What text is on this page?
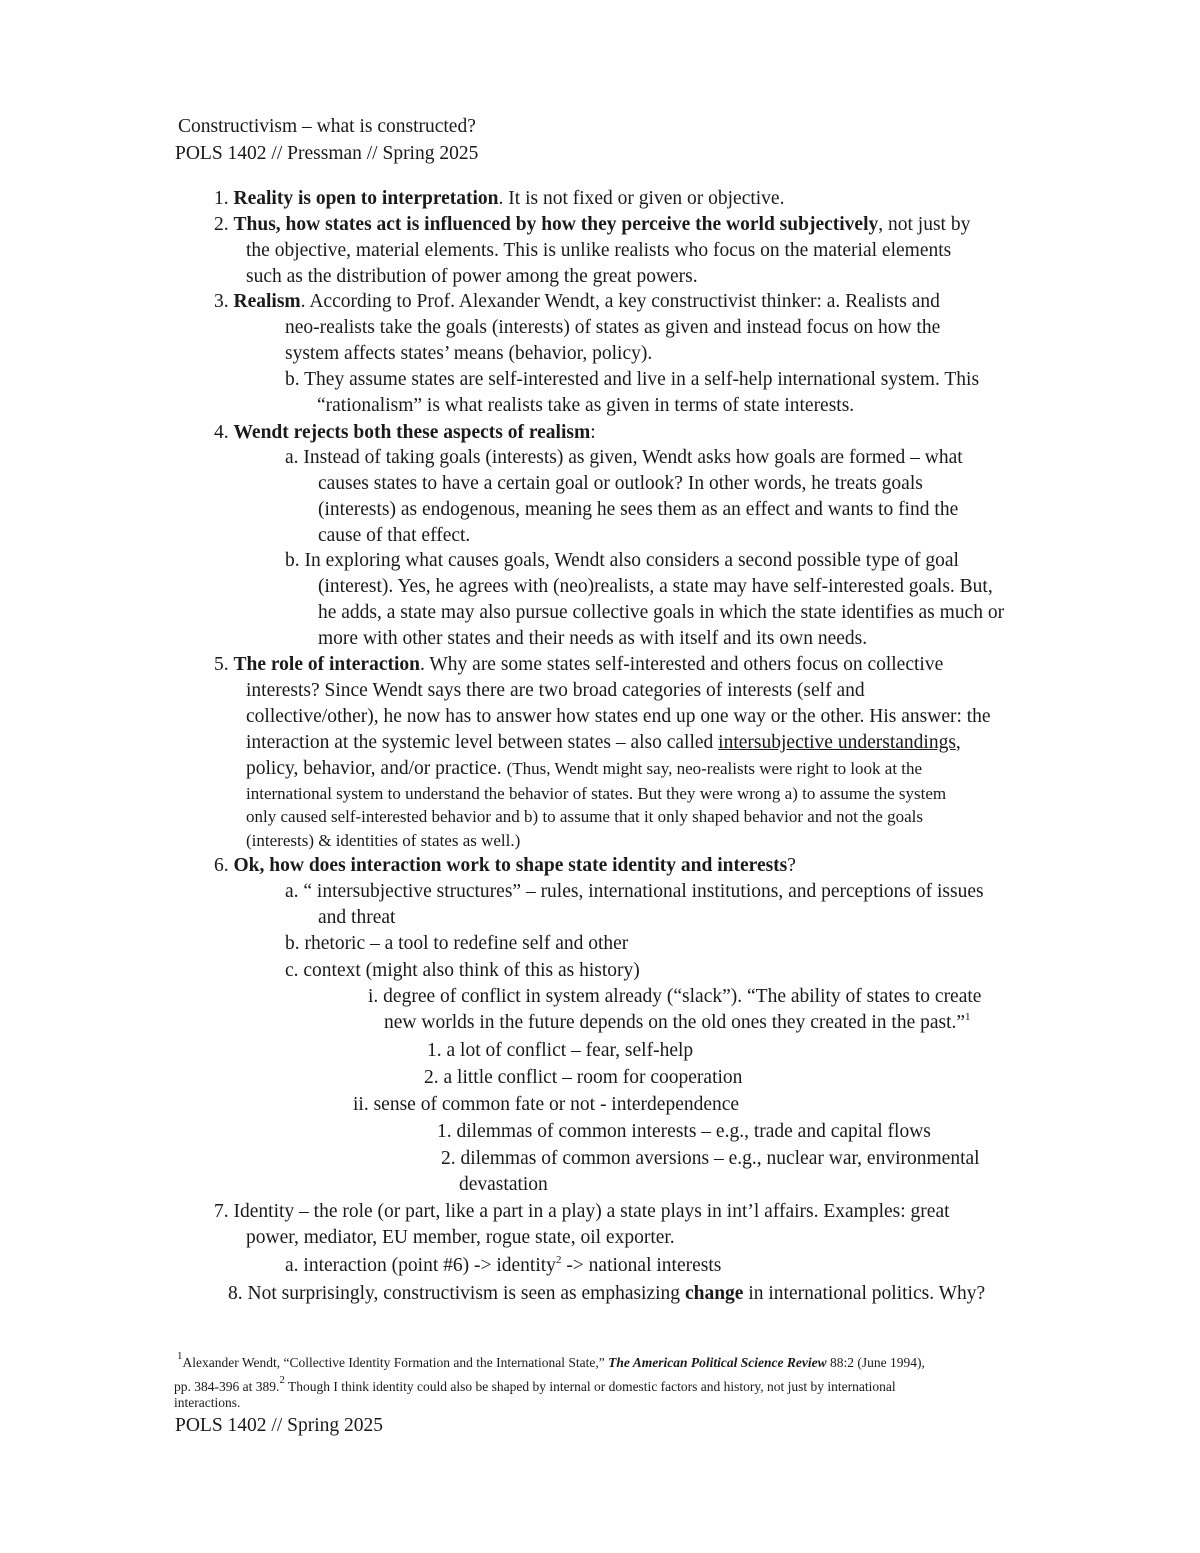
Constructivism – what is constructed?
POLS 1402 // Pressman // Spring 2025
1. Reality is open to interpretation. It is not fixed or given or objective.
2. Thus, how states act is influenced by how they perceive the world subjectively, not just by
the objective, material elements. This is unlike realists who focus on the material elements
such as the distribution of power among the great powers.
3. Realism. According to Prof. Alexander Wendt, a key constructivist thinker: a. Realists and
neo-realists take the goals (interests) of states as given and instead focus on how the
system affects states’ means (behavior, policy).
b. They assume states are self-interested and live in a self-help international system. This
“rationalism” is what realists take as given in terms of state interests.
4. Wendt rejects both these aspects of realism:
a. Instead of taking goals (interests) as given, Wendt asks how goals are formed – what
causes states to have a certain goal or outlook? In other words, he treats goals
(interests) as endogenous, meaning he sees them as an effect and wants to find the
cause of that effect.
b. In exploring what causes goals, Wendt also considers a second possible type of goal
(interest). Yes, he agrees with (neo)realists, a state may have self-interested goals. But,
he adds, a state may also pursue collective goals in which the state identifies as much or
more with other states and their needs as with itself and its own needs.
5. The role of interaction. Why are some states self-interested and others focus on collective
interests? Since Wendt says there are two broad categories of interests (self and
collective/other), he now has to answer how states end up one way or the other. His answer: the
interaction at the systemic level between states – also called intersubjective understandings,
policy, behavior, and/or practice. (Thus, Wendt might say, neo-realists were right to look at the
international system to understand the behavior of states. But they were wrong a) to assume the system
only caused self-interested behavior and b) to assume that it only shaped behavior and not the goals
(interests) & identities of states as well.)
6. Ok, how does interaction work to shape state identity and interests?
a. “ intersubjective structures” – rules, international institutions, and perceptions of issues
and threat
b. rhetoric – a tool to redefine self and other
c. context (might also think of this as history)
i. degree of conflict in system already (“slack”). “The ability of states to create
new worlds in the future depends on the old ones they created in the past.”$^1$
1. a lot of conflict – fear, self-help
2. a little conflict – room for cooperation
ii. sense of common fate or not - interdependence
1. dilemmas of common interests – e.g., trade and capital flows
2. dilemmas of common aversions – e.g., nuclear war, environmental
devastation
7. Identity – the role (or part, like a part in a play) a state plays in int’l affairs. Examples: great
power, mediator, EU member, rogue state, oil exporter.
a. interaction (point #6) -> identity$^2$ -> national interests
8. Not surprisingly, constructivism is seen as emphasizing change in international politics. Why?
$^1$Alexander Wendt, “Collective Identity Formation and the International State,” The American Political Science Review 88:2 (June 1994),
pp. 384-396 at 389.$^2$ Though I think identity could also be shaped by internal or domestic factors and history, not just by international
interactions.
POLS 1402 // Spring 2025
